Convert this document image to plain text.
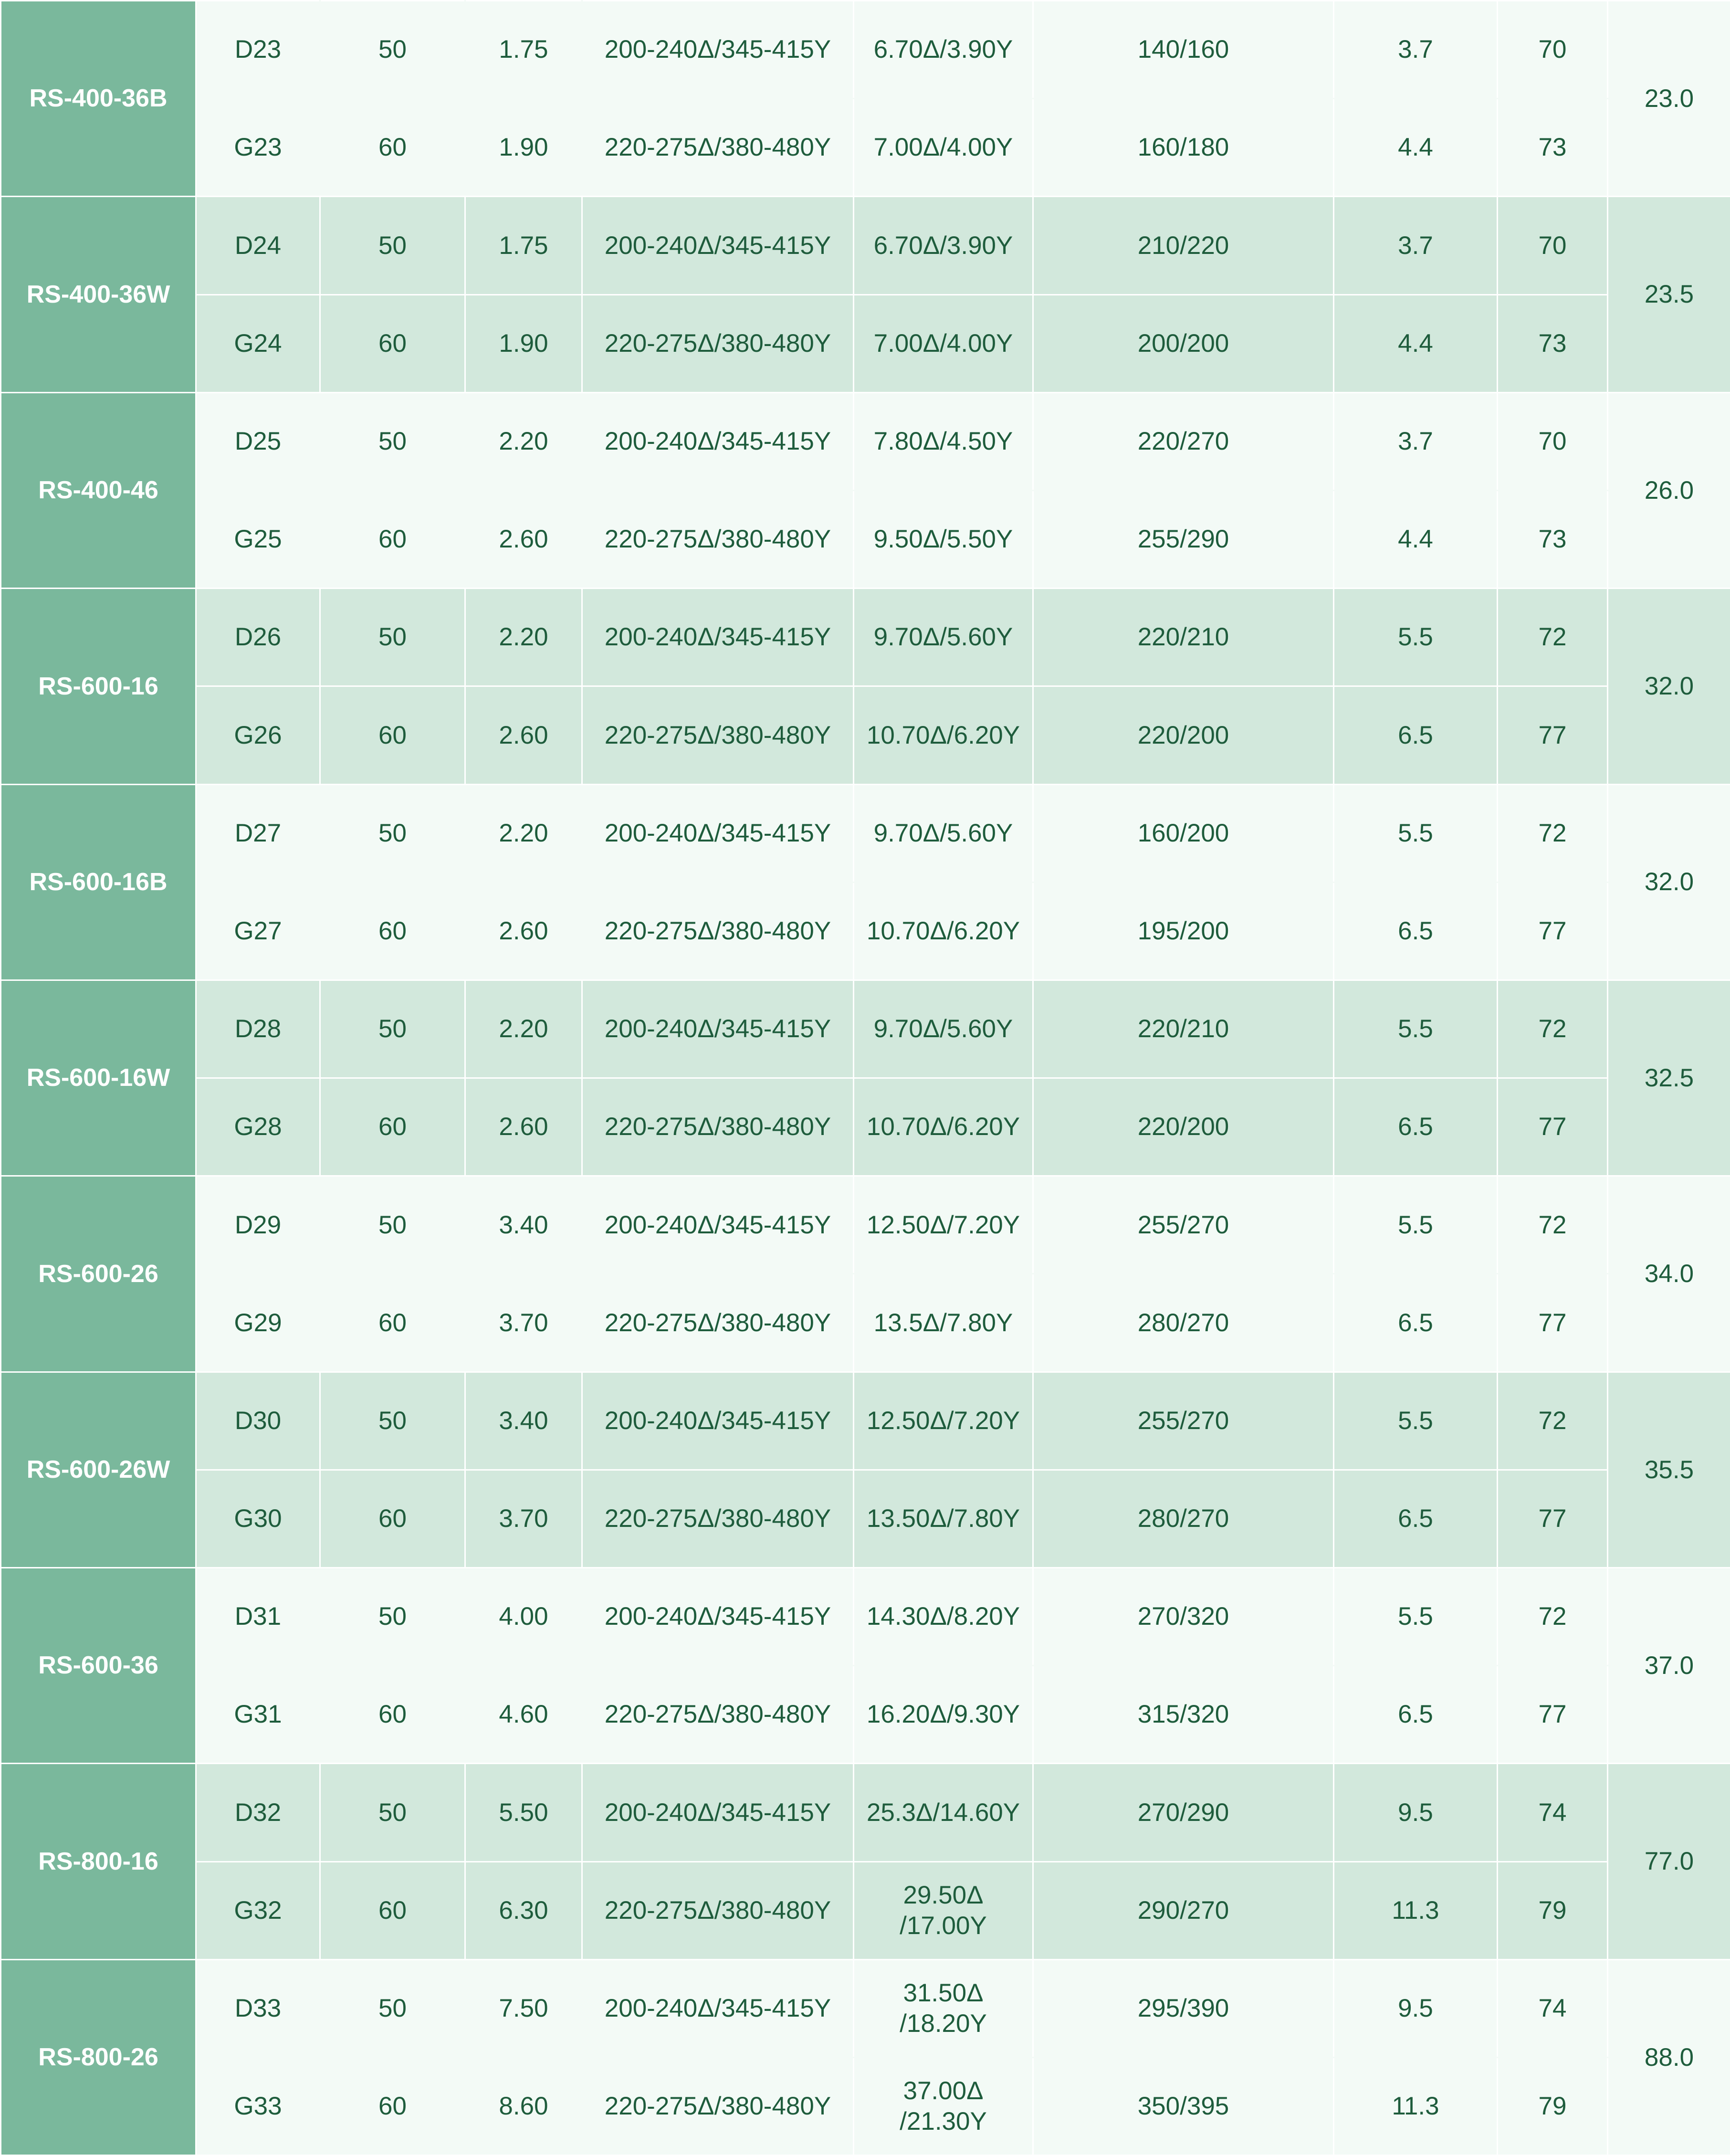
RS-400-36B	D23	50	1.75	200-240Δ/345-415Y	6.70Δ/3.90Y	140/160	3.7	70	23.0
	G23	60	1.90	220-275Δ/380-480Y	7.00Δ/4.00Y	160/180	4.4	73	
RS-400-36W	D24	50	1.75	200-240Δ/345-415Y	6.70Δ/3.90Y	210/220	3.7	70	23.5
	G24	60	1.90	220-275Δ/380-480Y	7.00Δ/4.00Y	200/200	4.4	73	
RS-400-46	D25	50	2.20	200-240Δ/345-415Y	7.80Δ/4.50Y	220/270	3.7	70	26.0
	G25	60	2.60	220-275Δ/380-480Y	9.50Δ/5.50Y	255/290	4.4	73	
RS-600-16	D26	50	2.20	200-240Δ/345-415Y	9.70Δ/5.60Y	220/210	5.5	72	32.0
	G26	60	2.60	220-275Δ/380-480Y	10.70Δ/6.20Y	220/200	6.5	77	
RS-600-16B	D27	50	2.20	200-240Δ/345-415Y	9.70Δ/5.60Y	160/200	5.5	72	32.0
	G27	60	2.60	220-275Δ/380-480Y	10.70Δ/6.20Y	195/200	6.5	77	
RS-600-16W	D28	50	2.20	200-240Δ/345-415Y	9.70Δ/5.60Y	220/210	5.5	72	32.5
	G28	60	2.60	220-275Δ/380-480Y	10.70Δ/6.20Y	220/200	6.5	77	
RS-600-26	D29	50	3.40	200-240Δ/345-415Y	12.50Δ/7.20Y	255/270	5.5	72	34.0
	G29	60	3.70	220-275Δ/380-480Y	13.5Δ/7.80Y	280/270	6.5	77	
RS-600-26W	D30	50	3.40	200-240Δ/345-415Y	12.50Δ/7.20Y	255/270	5.5	72	35.5
	G30	60	3.70	220-275Δ/380-480Y	13.50Δ/7.80Y	280/270	6.5	77	
RS-600-36	D31	50	4.00	200-240Δ/345-415Y	14.30Δ/8.20Y	270/320	5.5	72	37.0
	G31	60	4.60	220-275Δ/380-480Y	16.20Δ/9.30Y	315/320	6.5	77	
RS-800-16	D32	50	5.50	200-240Δ/345-415Y	25.3Δ/14.60Y	270/290	9.5	74	77.0
	G32	60	6.30	220-275Δ/380-480Y	29.50Δ
/17.00Y	290/270	11.3	79	
RS-800-26	D33	50	7.50	200-240Δ/345-415Y	31.50Δ
/18.20Y	295/390	9.5	74	88.0
	G33	60	8.60	220-275Δ/380-480Y	37.00Δ
/21.30Y	350/395	11.3	79	
